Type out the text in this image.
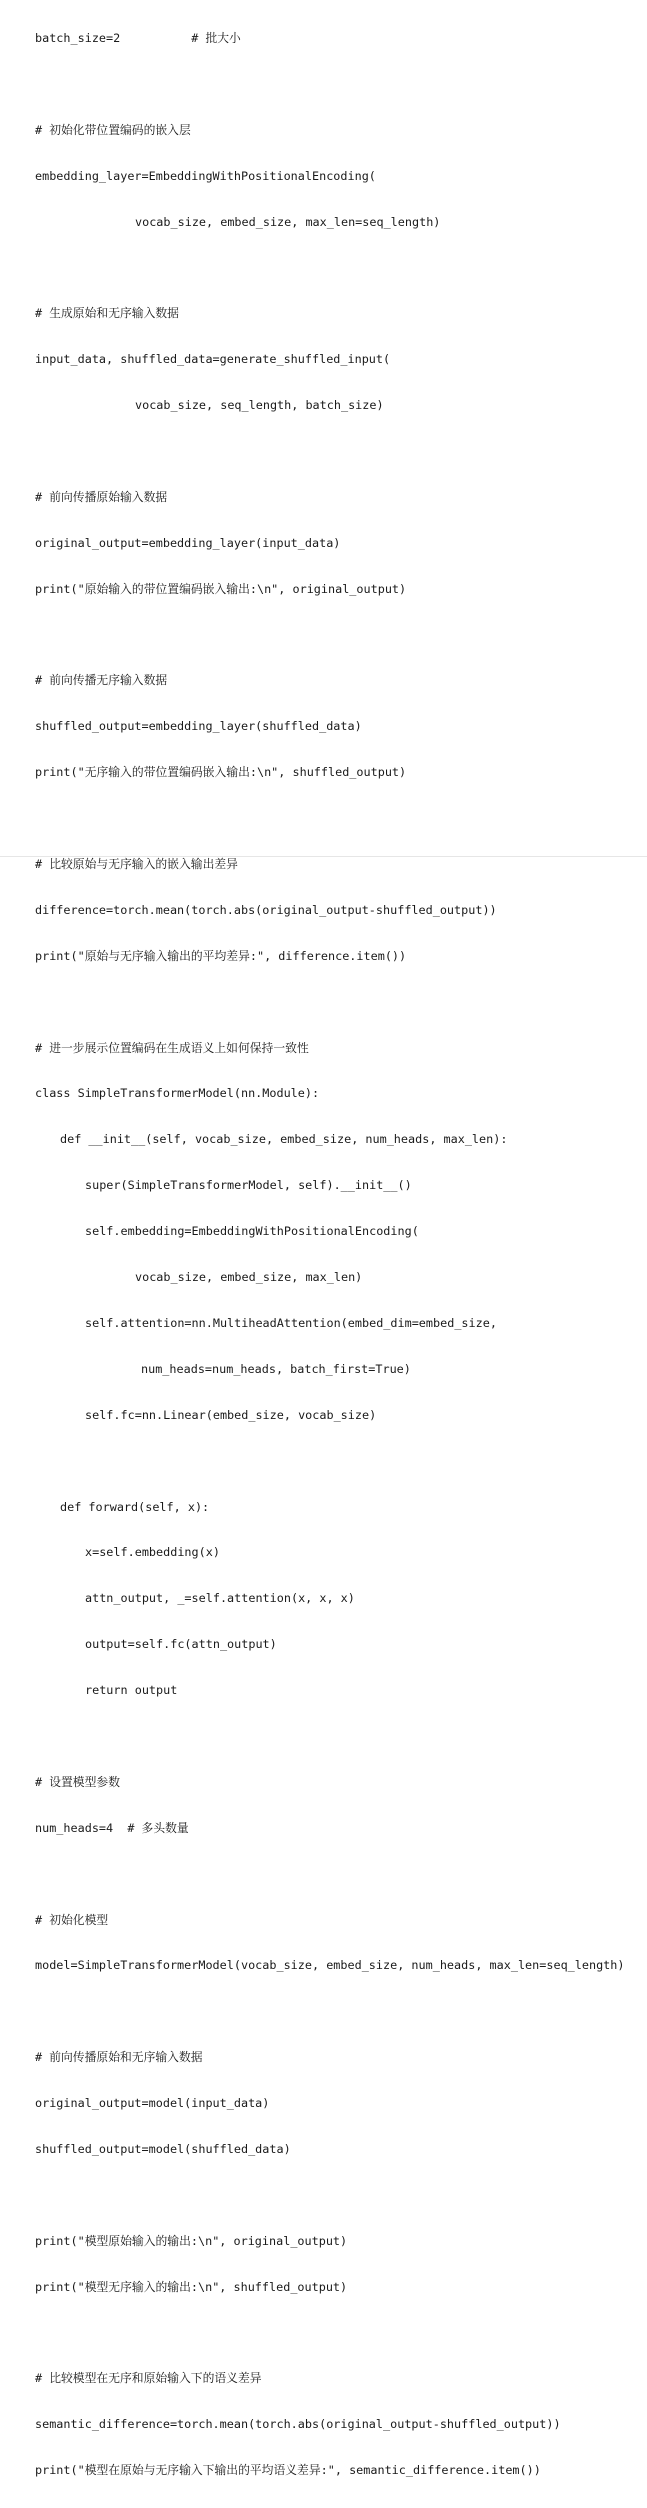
batch_size=2          # 批大小

# 初始化带位置编码的嵌入层

embedding_layer=EmbeddingWithPositionalEncoding(

vocab_size, embed_size, max_len=seq_length)

# 生成原始和无序输入数据

input_data, shuffled_data=generate_shuffled_input(

vocab_size, seq_length, batch_size)

# 前向传播原始输入数据

original_output=embedding_layer(input_data)

print("原始输入的带位置编码嵌入输出:\n", original_output)

# 前向传播无序输入数据

shuffled_output=embedding_layer(shuffled_data)

print("无序输入的带位置编码嵌入输出:\n", shuffled_output)

# 比较原始与无序输入的嵌入输出差异

difference=torch.mean(torch.abs(original_output-shuffled_output))

print("原始与无序输入输出的平均差异:", difference.item())

# 进一步展示位置编码在生成语义上如何保持一致性

class SimpleTransformerModel(nn.Module):

def __init__(self, vocab_size, embed_size, num_heads, max_len):

super(SimpleTransformerModel, self).__init__()

self.embedding=EmbeddingWithPositionalEncoding(

vocab_size, embed_size, max_len)

self.attention=nn.MultiheadAttention(embed_dim=embed_size,

num_heads=num_heads, batch_first=True)

self.fc=nn.Linear(embed_size, vocab_size)

def forward(self, x):

x=self.embedding(x)

attn_output, _=self.attention(x, x, x)

output=self.fc(attn_output)

return output

# 设置模型参数

num_heads=4  # 多头数量

# 初始化模型

model=SimpleTransformerModel(vocab_size, embed_size, num_heads, max_len=seq_length)

# 前向传播原始和无序输入数据

original_output=model(input_data)

shuffled_output=model(shuffled_data)

print("模型原始输入的输出:\n", original_output)

print("模型无序输入的输出:\n", shuffled_output)

# 比较模型在无序和原始输入下的语义差异

semantic_difference=torch.mean(torch.abs(original_output-shuffled_output))

print("模型在原始与无序输入下输出的平均语义差异:", semantic_difference.item())
